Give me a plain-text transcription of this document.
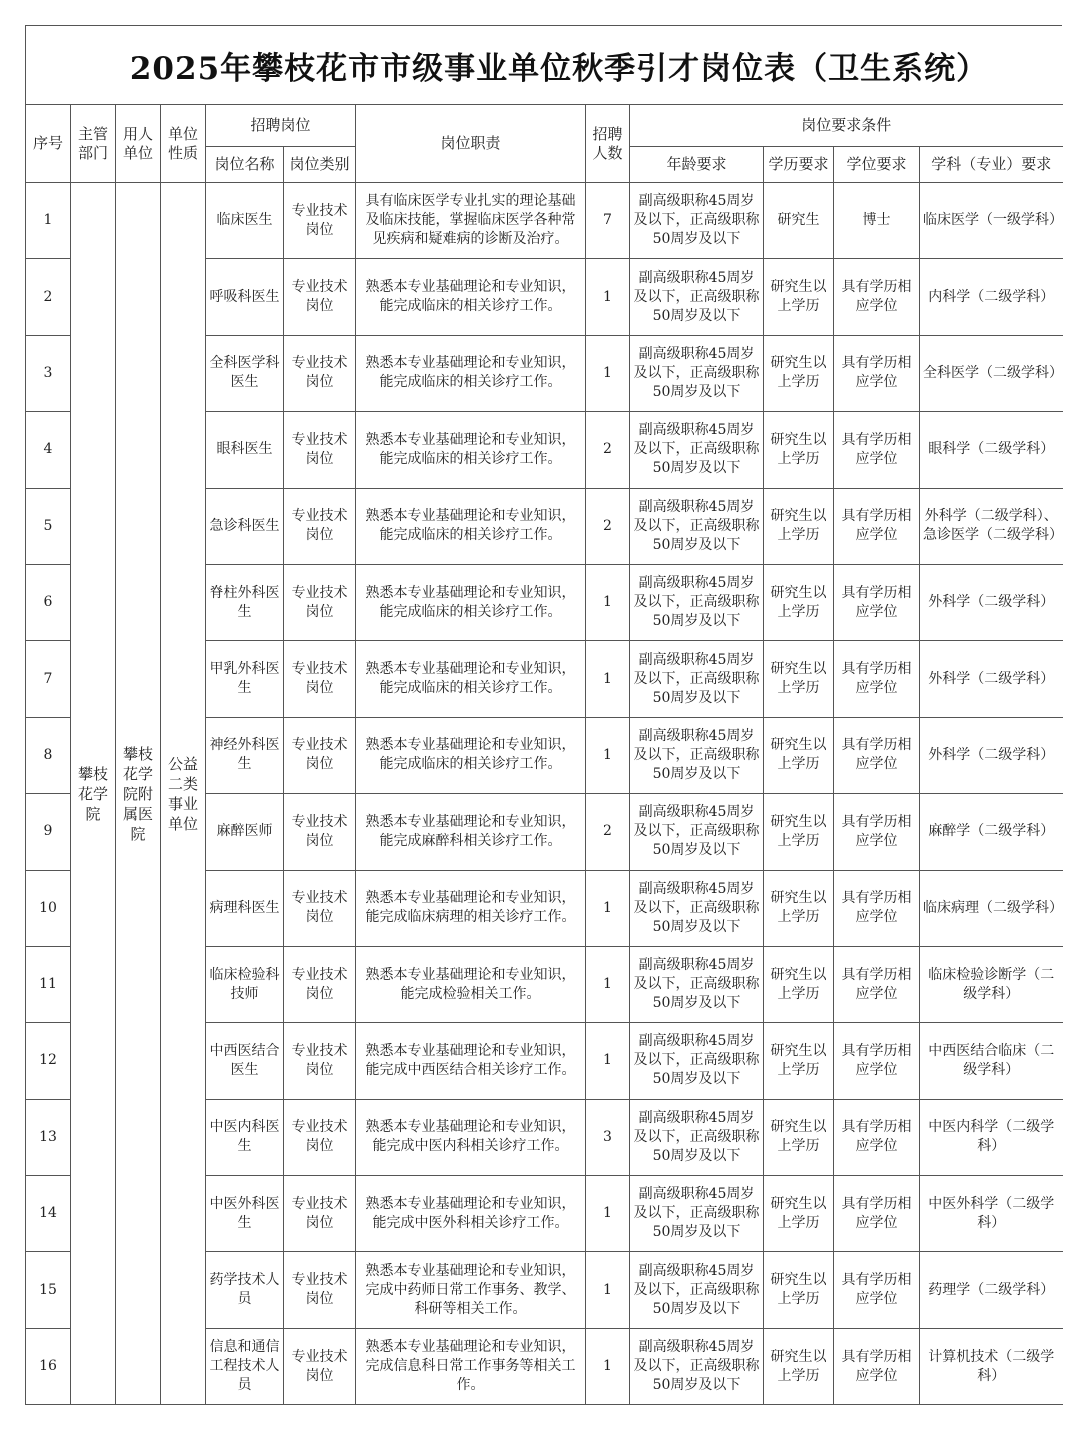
2025年攀枝花市市级事业单位秋季引才岗位表（卫生系统）
序号	主管部门	用人单位	单位性质	招聘岗位		岗位职责	招聘人数	岗位要求条件			
				岗位名称	岗位类别			年龄要求	学历要求	学位要求	学科（专业）要求
1	攀枝花学院	攀枝花学院附属医院	公益二类事业单位	临床医生	专业技术岗位	具有临床医学专业扎实的理论基础及临床技能，掌握临床医学各种常见疾病和疑难病的诊断及治疗。	7	副高级职称45周岁及以下，正高级职称50周岁及以下	研究生	博士	临床医学（一级学科）
2				呼吸科医生	专业技术岗位	熟悉本专业基础理论和专业知识，能完成临床的相关诊疗工作。	1	副高级职称45周岁及以下，正高级职称50周岁及以下	研究生以上学历	具有学历相应学位	内科学（二级学科）
3				全科医学科医生	专业技术岗位	熟悉本专业基础理论和专业知识，能完成临床的相关诊疗工作。	1	副高级职称45周岁及以下，正高级职称50周岁及以下	研究生以上学历	具有学历相应学位	全科医学（二级学科）
4				眼科医生	专业技术岗位	熟悉本专业基础理论和专业知识，能完成临床的相关诊疗工作。	2	副高级职称45周岁及以下，正高级职称50周岁及以下	研究生以上学历	具有学历相应学位	眼科学（二级学科）
5				急诊科医生	专业技术岗位	熟悉本专业基础理论和专业知识，能完成临床的相关诊疗工作。	2	副高级职称45周岁及以下，正高级职称50周岁及以下	研究生以上学历	具有学历相应学位	外科学（二级学科）、急诊医学（二级学科）
6				脊柱外科医生	专业技术岗位	熟悉本专业基础理论和专业知识，能完成临床的相关诊疗工作。	1	副高级职称45周岁及以下，正高级职称50周岁及以下	研究生以上学历	具有学历相应学位	外科学（二级学科）
7				甲乳外科医生	专业技术岗位	熟悉本专业基础理论和专业知识，能完成临床的相关诊疗工作。	1	副高级职称45周岁及以下，正高级职称50周岁及以下	研究生以上学历	具有学历相应学位	外科学（二级学科）
8				神经外科医生	专业技术岗位	熟悉本专业基础理论和专业知识，能完成临床的相关诊疗工作。	1	副高级职称45周岁及以下，正高级职称50周岁及以下	研究生以上学历	具有学历相应学位	外科学（二级学科）
9				麻醉医师	专业技术岗位	熟悉本专业基础理论和专业知识，能完成麻醉科相关诊疗工作。	2	副高级职称45周岁及以下，正高级职称50周岁及以下	研究生以上学历	具有学历相应学位	麻醉学（二级学科）
10				病理科医生	专业技术岗位	熟悉本专业基础理论和专业知识，能完成临床病理的相关诊疗工作。	1	副高级职称45周岁及以下，正高级职称50周岁及以下	研究生以上学历	具有学历相应学位	临床病理（二级学科）
11				临床检验科技师	专业技术岗位	熟悉本专业基础理论和专业知识，能完成检验相关工作。	1	副高级职称45周岁及以下，正高级职称50周岁及以下	研究生以上学历	具有学历相应学位	临床检验诊断学（二级学科）
12				中西医结合医生	专业技术岗位	熟悉本专业基础理论和专业知识，能完成中西医结合相关诊疗工作。	1	副高级职称45周岁及以下，正高级职称50周岁及以下	研究生以上学历	具有学历相应学位	中西医结合临床（二级学科）
13				中医内科医生	专业技术岗位	熟悉本专业基础理论和专业知识，能完成中医内科相关诊疗工作。	3	副高级职称45周岁及以下，正高级职称50周岁及以下	研究生以上学历	具有学历相应学位	中医内科学（二级学科）
14				中医外科医生	专业技术岗位	熟悉本专业基础理论和专业知识，能完成中医外科相关诊疗工作。	1	副高级职称45周岁及以下，正高级职称50周岁及以下	研究生以上学历	具有学历相应学位	中医外科学（二级学科）
15				药学技术人员	专业技术岗位	熟悉本专业基础理论和专业知识，完成中药师日常工作事务、教学、科研等相关工作。	1	副高级职称45周岁及以下，正高级职称50周岁及以下	研究生以上学历	具有学历相应学位	药理学（二级学科）
16				信息和通信工程技术人员	专业技术岗位	熟悉本专业基础理论和专业知识，完成信息科日常工作事务等相关工作。	1	副高级职称45周岁及以下，正高级职称50周岁及以下	研究生以上学历	具有学历相应学位	计算机技术（二级学科）
